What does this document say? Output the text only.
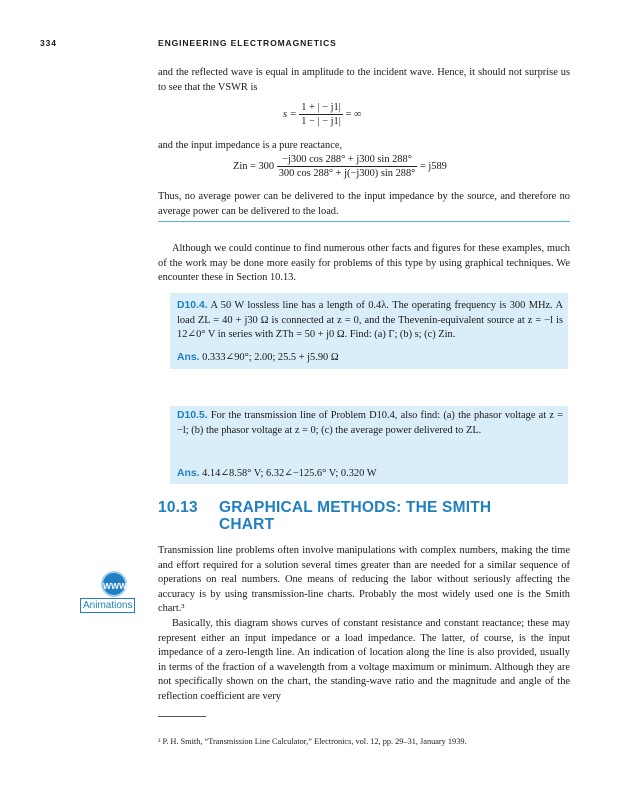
334	ENGINEERING ELECTROMAGNETICS
and the reflected wave is equal in amplitude to the incident wave. Hence, it should not surprise us to see that the VSWR is
$s = \frac{1 + | - j1|}{1 - | - j1|}$ = ∞
and the input impedance is a pure reactance,
Zin = $300 \frac{-j300 \cos 288^\circ + j300 \sin 288^\circ}{300 \cos 288^\circ + j(-j300) \sin 288^\circ} = j589$
Thus, no average power can be delivered to the input impedance by the source, and therefore no average power can be delivered to the load.
Although we could continue to find numerous other facts and figures for these examples, much of the work may be done more easily for problems of this type by using graphical techniques. We encounter these in Section 10.13.
D10.4. A 50 W lossless line has a length of 0.4λ. The operating frequency is 300 MHz. A load ZL = 40 + j30 Ω is connected at z = 0, and the Thevenin-equivalent source at z = −l is 12∠0° V in series with ZTh = 50 + j0 Ω. Find: (a) Γ; (b) s; (c) Zin.
Ans. 0.333∠90°; 2.00; 25.5 + j5.90 Ω
D10.5. For the transmission line of Problem D10.4, also find: (a) the phasor voltage at z = −l; (b) the phasor voltage at z = 0; (c) the average power delivered to ZL.
Ans. 4.14∠8.58° V; 6.32∠−125.6° V; 0.320 W
10.13 GRAPHICAL METHODS: THE SMITH
CHART
WWW
Animations
Transmission line problems often involve manipulations with complex numbers, making the time and effort required for a solution several times greater than are needed for a similar sequence of operations on real numbers. One means of reducing the labor without seriously affecting the accuracy is by using transmission-line charts. Probably the most widely used one is the Smith chart.³
Basically, this diagram shows curves of constant resistance and constant reactance; these may represent either an input impedance or a load impedance. The latter, of course, is the input impedance of a zero-length line. An indication of location along the line is also provided, usually in terms of the fraction of a wavelength from a voltage maximum or minimum. Although they are not specifically shown on the chart, the standing-wave ratio and the magnitude and angle of the reflection coefficient are very
³ P. H. Smith, “Transmission Line Calculator,” Electronics, vol. 12, pp. 29–31, January 1939.
